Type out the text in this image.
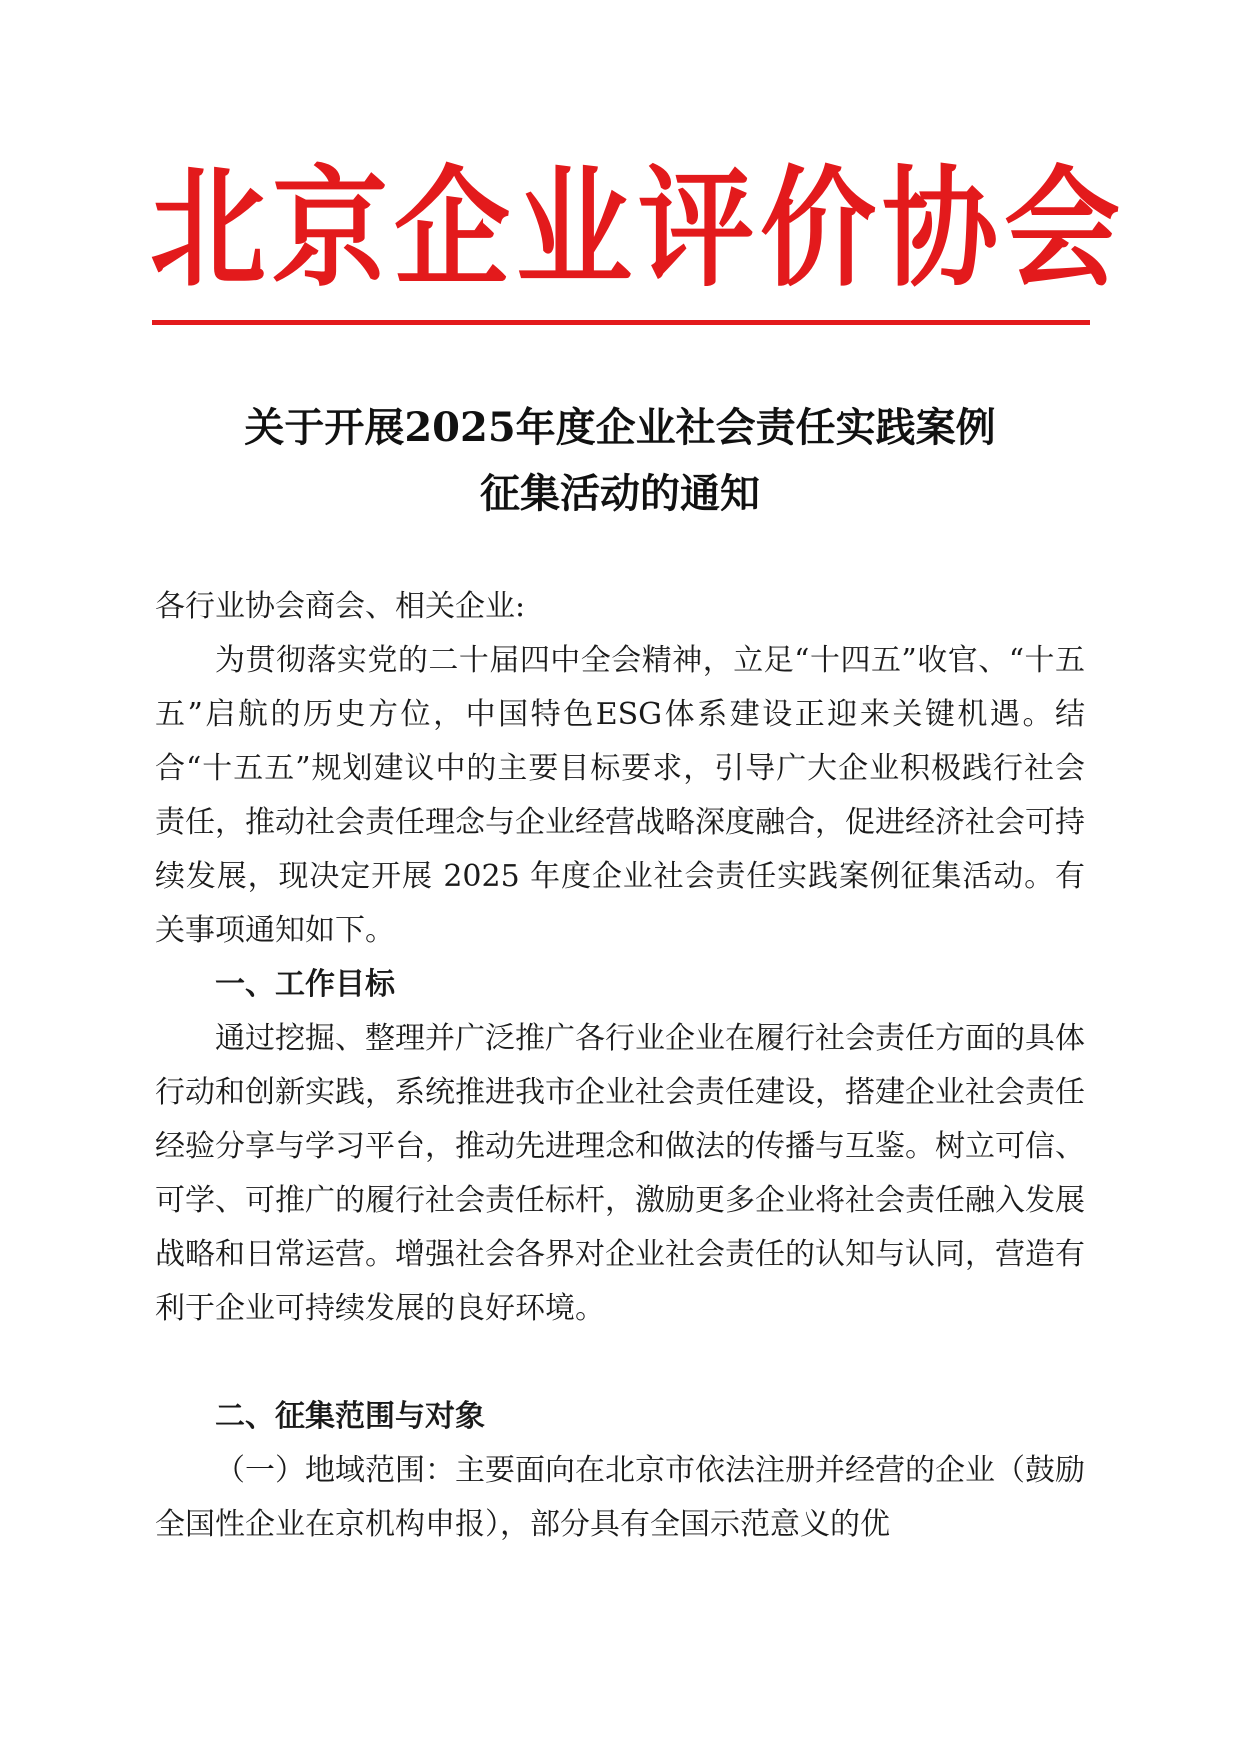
北京企业评价协会
关于开展2025年度企业社会责任实践案例
征集活动的通知
各行业协会商会、相关企业:
为贯彻落实党的二十届四中全会精神，立足“十四五”收官、“十五五”启航的历史方位，中国特色ESG体系建设正迎来关键机遇。结合“十五五”规划建议中的主要目标要求，引导广大企业积极践行社会责任，推动社会责任理念与企业经营战略深度融合，促进经济社会可持续发展，现决定开展 2025 年度企业社会责任实践案例征集活动。有关事项通知如下。
一、工作目标
通过挖掘、整理并广泛推广各行业企业在履行社会责任方面的具体行动和创新实践，系统推进我市企业社会责任建设，搭建企业社会责任经验分享与学习平台，推动先进理念和做法的传播与互鉴。树立可信、可学、可推广的履行社会责任标杆，激励更多企业将社会责任融入发展战略和日常运营。增强社会各界对企业社会责任的认知与认同，营造有利于企业可持续发展的良好环境。
二、征集范围与对象
（一）地域范围：主要面向在北京市依法注册并经营的企业（鼓励全国性企业在京机构申报），部分具有全国示范意义的优
